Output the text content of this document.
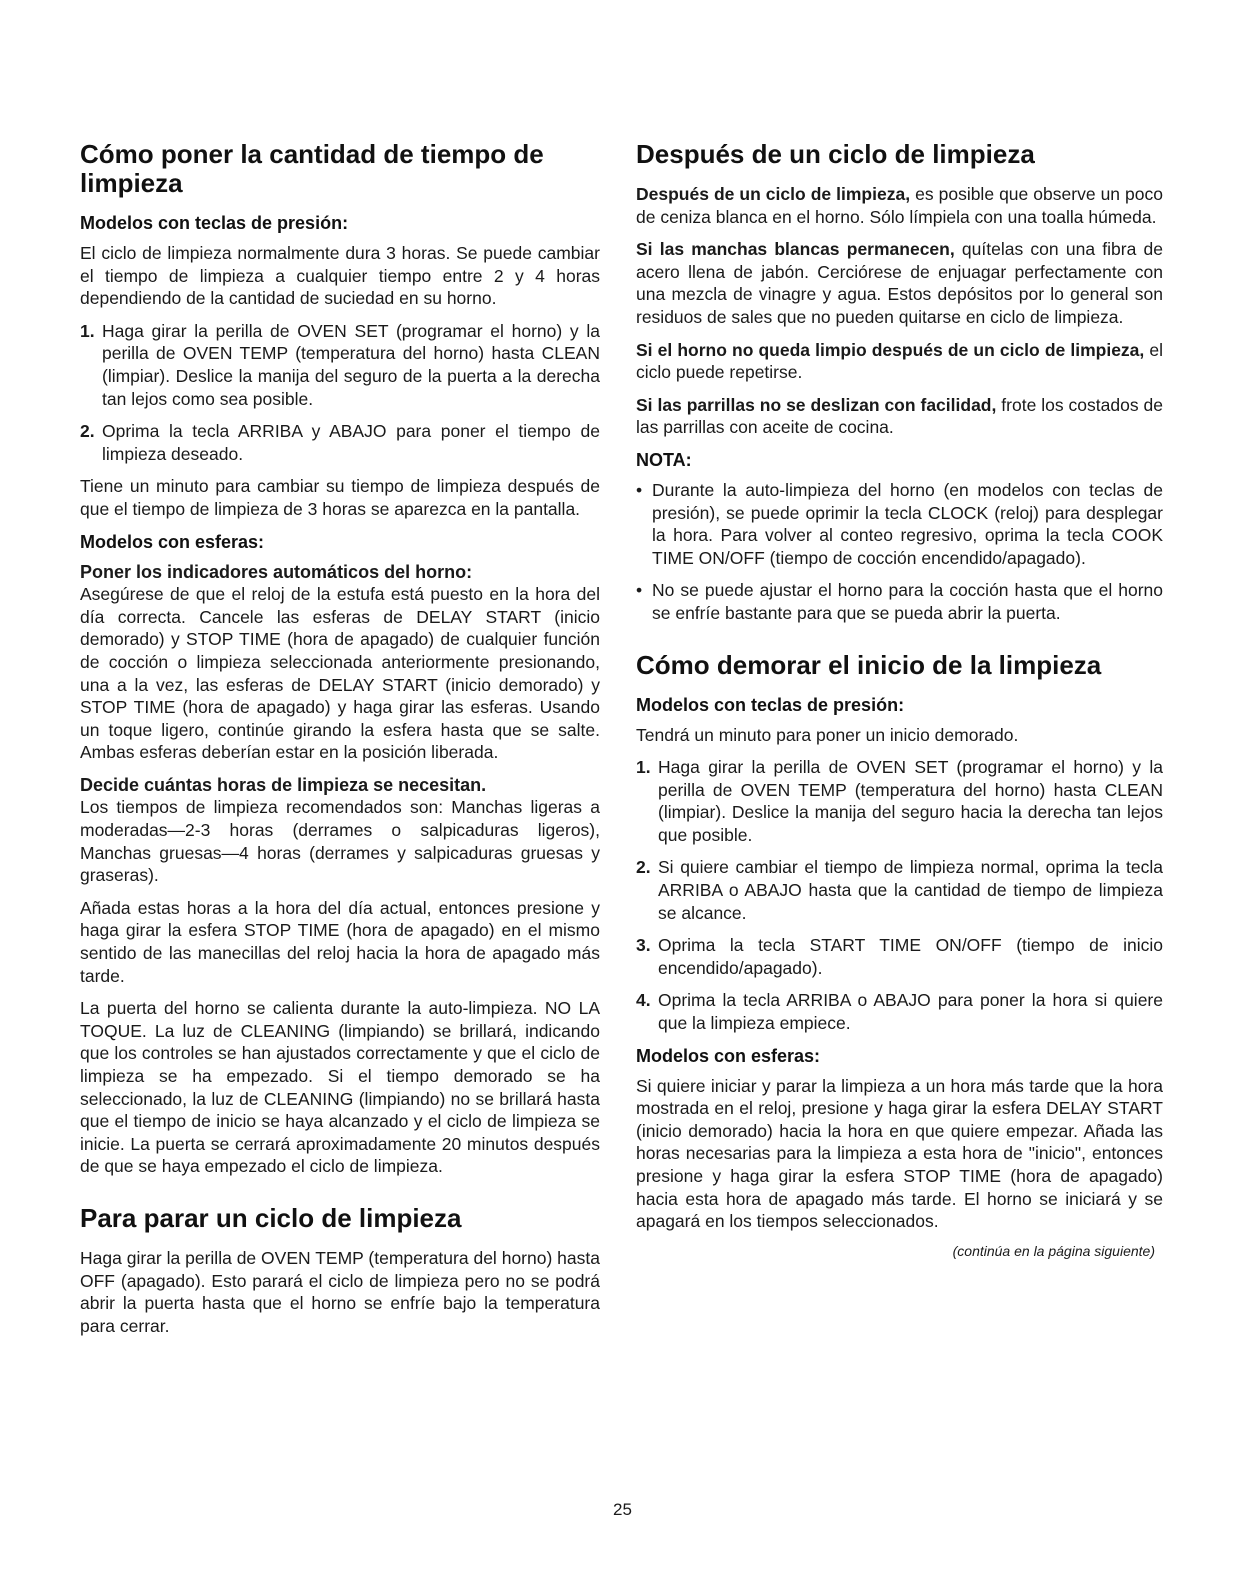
Cómo poner la cantidad de tiempo de limpieza
Modelos con teclas de presión:

El ciclo de limpieza normalmente dura 3 horas. Se puede cambiar el tiempo de limpieza a cualquier tiempo entre 2 y 4 horas dependiendo de la cantidad de suciedad en su horno.

1. Haga girar la perilla de OVEN SET (programar el horno) y la perilla de OVEN TEMP (temperatura del horno) hasta CLEAN (limpiar). Deslice la manija del seguro de la puerta a la derecha tan lejos como sea posible.
2. Oprima la tecla ARRIBA y ABAJO para poner el tiempo de limpieza deseado.

Tiene un minuto para cambiar su tiempo de limpieza después de que el tiempo de limpieza de 3 horas se aparezca en la pantalla.

Modelos con esferas:

Poner los indicadores automáticos del horno:
Asegúrese de que el reloj de la estufa está puesto en la hora del día correcta. Cancele las esferas de DELAY START (inicio demorado) y STOP TIME (hora de apagado) de cualquier función de cocción o limpieza seleccionada anteriormente presionando, una a la vez, las esferas de DELAY START (inicio demorado) y STOP TIME (hora de apagado) y haga girar las esferas. Usando un toque ligero, continúe girando la esfera hasta que se salte. Ambas esferas deberían estar en la posición liberada.

Decide cuántas horas de limpieza se necesitan.
Los tiempos de limpieza recomendados son: Manchas ligeras a moderadas—2-3 horas (derrames o salpicaduras ligeros), Manchas gruesas—4 horas (derrames y salpicaduras gruesas y graseras).

Añada estas horas a la hora del día actual, entonces presione y haga girar la esfera STOP TIME (hora de apagado) en el mismo sentido de las manecillas del reloj hacia la hora de apagado más tarde.

La puerta del horno se calienta durante la auto-limpieza. NO LA TOQUE. La luz de CLEANING (limpiando) se brillará, indicando que los controles se han ajustados correctamente y que el ciclo de limpieza se ha empezado. Si el tiempo demorado se ha seleccionado, la luz de CLEANING (limpiando) no se brillará hasta que el tiempo de inicio se haya alcanzado y el ciclo de limpieza se inicie. La puerta se cerrará aproximadamente 20 minutos después de que se haya empezado el ciclo de limpieza.

Para parar un ciclo de limpieza

Haga girar la perilla de OVEN TEMP (temperatura del horno) hasta OFF (apagado). Esto parará el ciclo de limpieza pero no se podrá abrir la puerta hasta que el horno se enfríe bajo la temperatura para cerrar.

Después de un ciclo de limpieza

Después de un ciclo de limpieza, es posible que observe un poco de ceniza blanca en el horno. Sólo límpiela con una toalla húmeda.

Si las manchas blancas permanecen, quítelas con una fibra de acero llena de jabón. Cerciórese de enjuagar perfectamente con una mezcla de vinagre y agua. Estos depósitos por lo general son residuos de sales que no pueden quitarse en ciclo de limpieza.

Si el horno no queda limpio después de un ciclo de limpieza, el ciclo puede repetirse.

Si las parrillas no se deslizan con facilidad, frote los costados de las parrillas con aceite de cocina.

NOTA:
• Durante la auto-limpieza del horno (en modelos con teclas de presión), se puede oprimir la tecla CLOCK (reloj) para desplegar la hora. Para volver al conteo regresivo, oprima la tecla COOK TIME ON/OFF (tiempo de cocción encendido/apagado).
• No se puede ajustar el horno para la cocción hasta que el horno se enfríe bastante para que se pueda abrir la puerta.
Cómo demorar el inicio de la limpieza
Modelos con teclas de presión:

Tendrá un minuto para poner un inicio demorado.

1. Haga girar la perilla de OVEN SET (programar el horno) y la perilla de OVEN TEMP (temperatura del horno) hasta CLEAN (limpiar). Deslice la manija del seguro hacia la derecha tan lejos que posible.
2. Si quiere cambiar el tiempo de limpieza normal, oprima la tecla ARRIBA o ABAJO hasta que la cantidad de tiempo de limpieza se alcance.
3. Oprima la tecla START TIME ON/OFF (tiempo de inicio encendido/apagado).
4. Oprima la tecla ARRIBA o ABAJO para poner la hora si quiere que la limpieza empiece.
Modelos con esferas:

Si quiere iniciar y parar la limpieza a un hora más tarde que la hora mostrada en el reloj, presione y haga girar la esfera DELAY START (inicio demorado) hacia la hora en que quiere empezar. Añada las horas necesarias para la limpieza a esta hora de "inicio", entonces presione y haga girar la esfera STOP TIME (hora de apagado) hacia esta hora de apagado más tarde. El horno se iniciará y se apagará en los tiempos seleccionados.

(continúa en la página siguiente)
25
